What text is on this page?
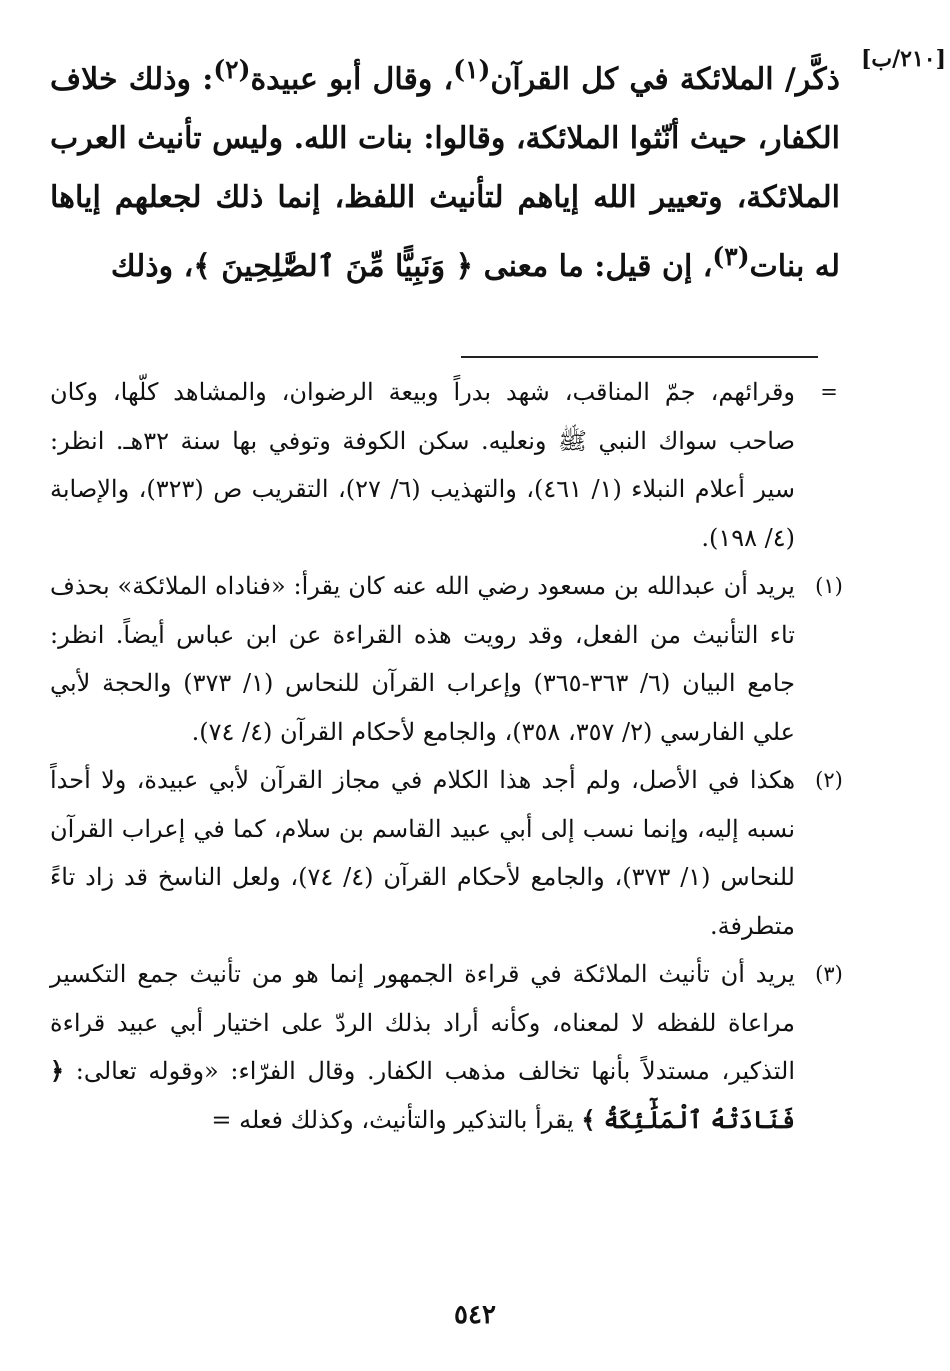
[٢١٠/ب]
ذكَّر/ الملائكة في كل القرآن$^{(١)}$، وقال أبو عبيدة$^{(٢)}$: وذلك خلاف الكفار، حيث أنّثوا الملائكة، وقالوا: بنات الله. وليس تأنيث العرب الملائكة، وتعيير الله إياهم لتأنيث اللفظ، إنما ذلك لجعلهم إياها له بنات$^{(٣)}$، إن قيل: ما معنى ﴿ وَنَبِيًّا مِّنَ ٱلصَّٰلِحِينَ ﴾، وذلك

=
وقرائهم، جمّ المناقب، شهد بدراً وبيعة الرضوان، والمشاهد كلّها، وكان صاحب سواك النبي ﷺ ونعليه. سكن الكوفة وتوفي بها سنة ٣٢هـ. انظر: سير أعلام النبلاء (١/ ٤٦١)، والتهذيب (٦/ ٢٧)، التقريب ص (٣٢٣)، والإصابة (٤/ ١٩٨).

(١)
يريد أن عبدالله بن مسعود رضي الله عنه كان يقرأ: «فناداه الملائكة» بحذف تاء التأنيث من الفعل، وقد رويت هذه القراءة عن ابن عباس أيضاً. انظر: جامع البيان (٦/ ٣٦٣-٣٦٥) وإعراب القرآن للنحاس (١/ ٣٧٣) والحجة لأبي علي الفارسي (٢/ ٣٥٧، ٣٥٨)، والجامع لأحكام القرآن (٤/ ٧٤).

(٢)
هكذا في الأصل، ولم أجد هذا الكلام في مجاز القرآن لأبي عبيدة، ولا أحداً نسبه إليه، وإنما نسب إلى أبي عبيد القاسم بن سلام، كما في إعراب القرآن للنحاس (١/ ٣٧٣)، والجامع لأحكام القرآن (٤/ ٧٤)، ولعل الناسخ قد زاد تاءً متطرفة.

(٣)
يريد أن تأنيث الملائكة في قراءة الجمهور إنما هو من تأنيث جمع التكسير مراعاة للفظه لا لمعناه، وكأنه أراد بذلك الردّ على اختيار أبي عبيد قراءة التذكير، مستدلاً بأنها تخالف مذهب الكفار. وقال الفرّاء: «وقوله تعالى: ﴿ فَنَادَتْهُ ٱلْمَلَٰٓئِكَةُ ﴾ يقرأ بالتذكير والتأنيث، وكذلك فعله =

٥٤٢
